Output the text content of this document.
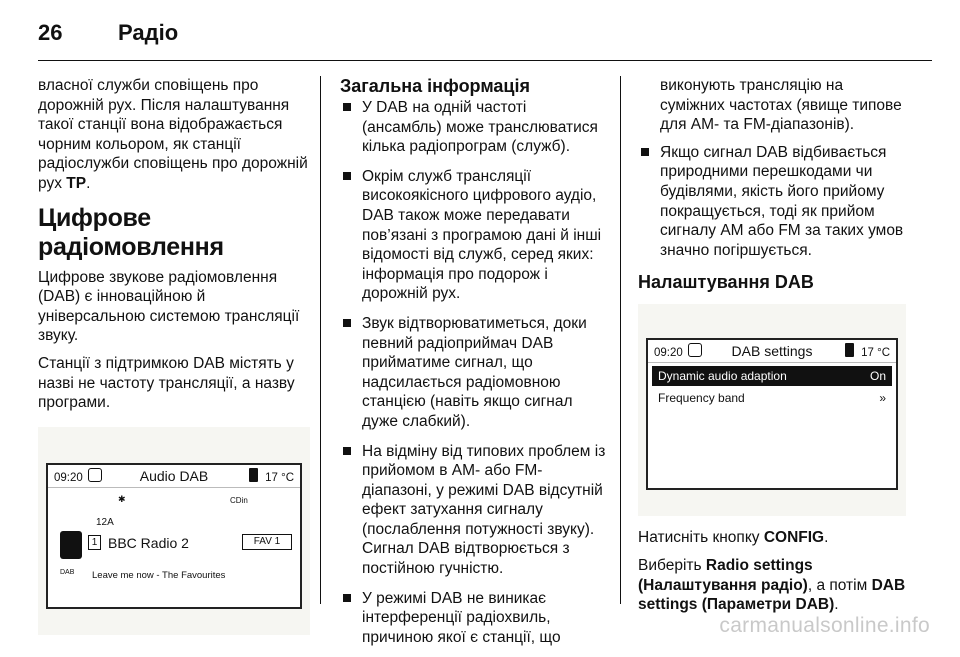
26	Радіо

власної служби сповіщень про дорожній рух. Після налаштування такої станції вона відображається чорним кольором, як станції радіослужби сповіщень про дорожній рух TP.

Цифрове радіомовлення

Цифрове звукове радіомовлення (DAB) є інноваційною й універсальною системою трансляції звуку.

Станції з підтримкою DAB містять у назві не частоту трансляції, а назву програми.

09:20	Audio DAB	17 °C
✱	CDin
12A
1 BBC Radio 2	FAV 1
DAB Leave me now - The Favourites
Загальна інформація
У DAB на одній частоті (ансамбль) може транслюватися кілька радіопрограм (служб).
Окрім служб трансляції високоякісного цифрового аудіо, DAB також може передавати пов’язані з програмою дані й інші відомості від служб, серед яких: інформація про подорож і дорожній рух.
Звук відтворюватиметься, доки певний радіоприймач DAB прийматиме сигнал, що надсилається радіомовною станцією (навіть якщо сигнал дуже слабкий).
На відміну від типових проблем із прийомом в AM- або FM-діапазоні, у режимі DAB відсутній ефект затухання сигналу (послаблення потужності звуку). Сигнал DAB відтворюється з постійною гучністю.
У режимі DAB не виникає інтерференції радіохвиль, причиною якої є станції, що

виконують трансляцію на суміжних частотах (явище типове для AM- та FM-діапазонів).

Якщо сигнал DAB відбивається природними перешкодами чи будівлями, якість його прийому покращується, тоді як прийом сигналу AM або FM за таких умов значно погіршується.
Налаштування DAB
09:20	DAB settings	17 °C
Dynamic audio adaption	On
Frequency band	»

Натисніть кнопку CONFIG.

Виберіть Radio settings (Налаштування радіо), а потім DAB settings (Параметри DAB).

carmanualsonline.info
